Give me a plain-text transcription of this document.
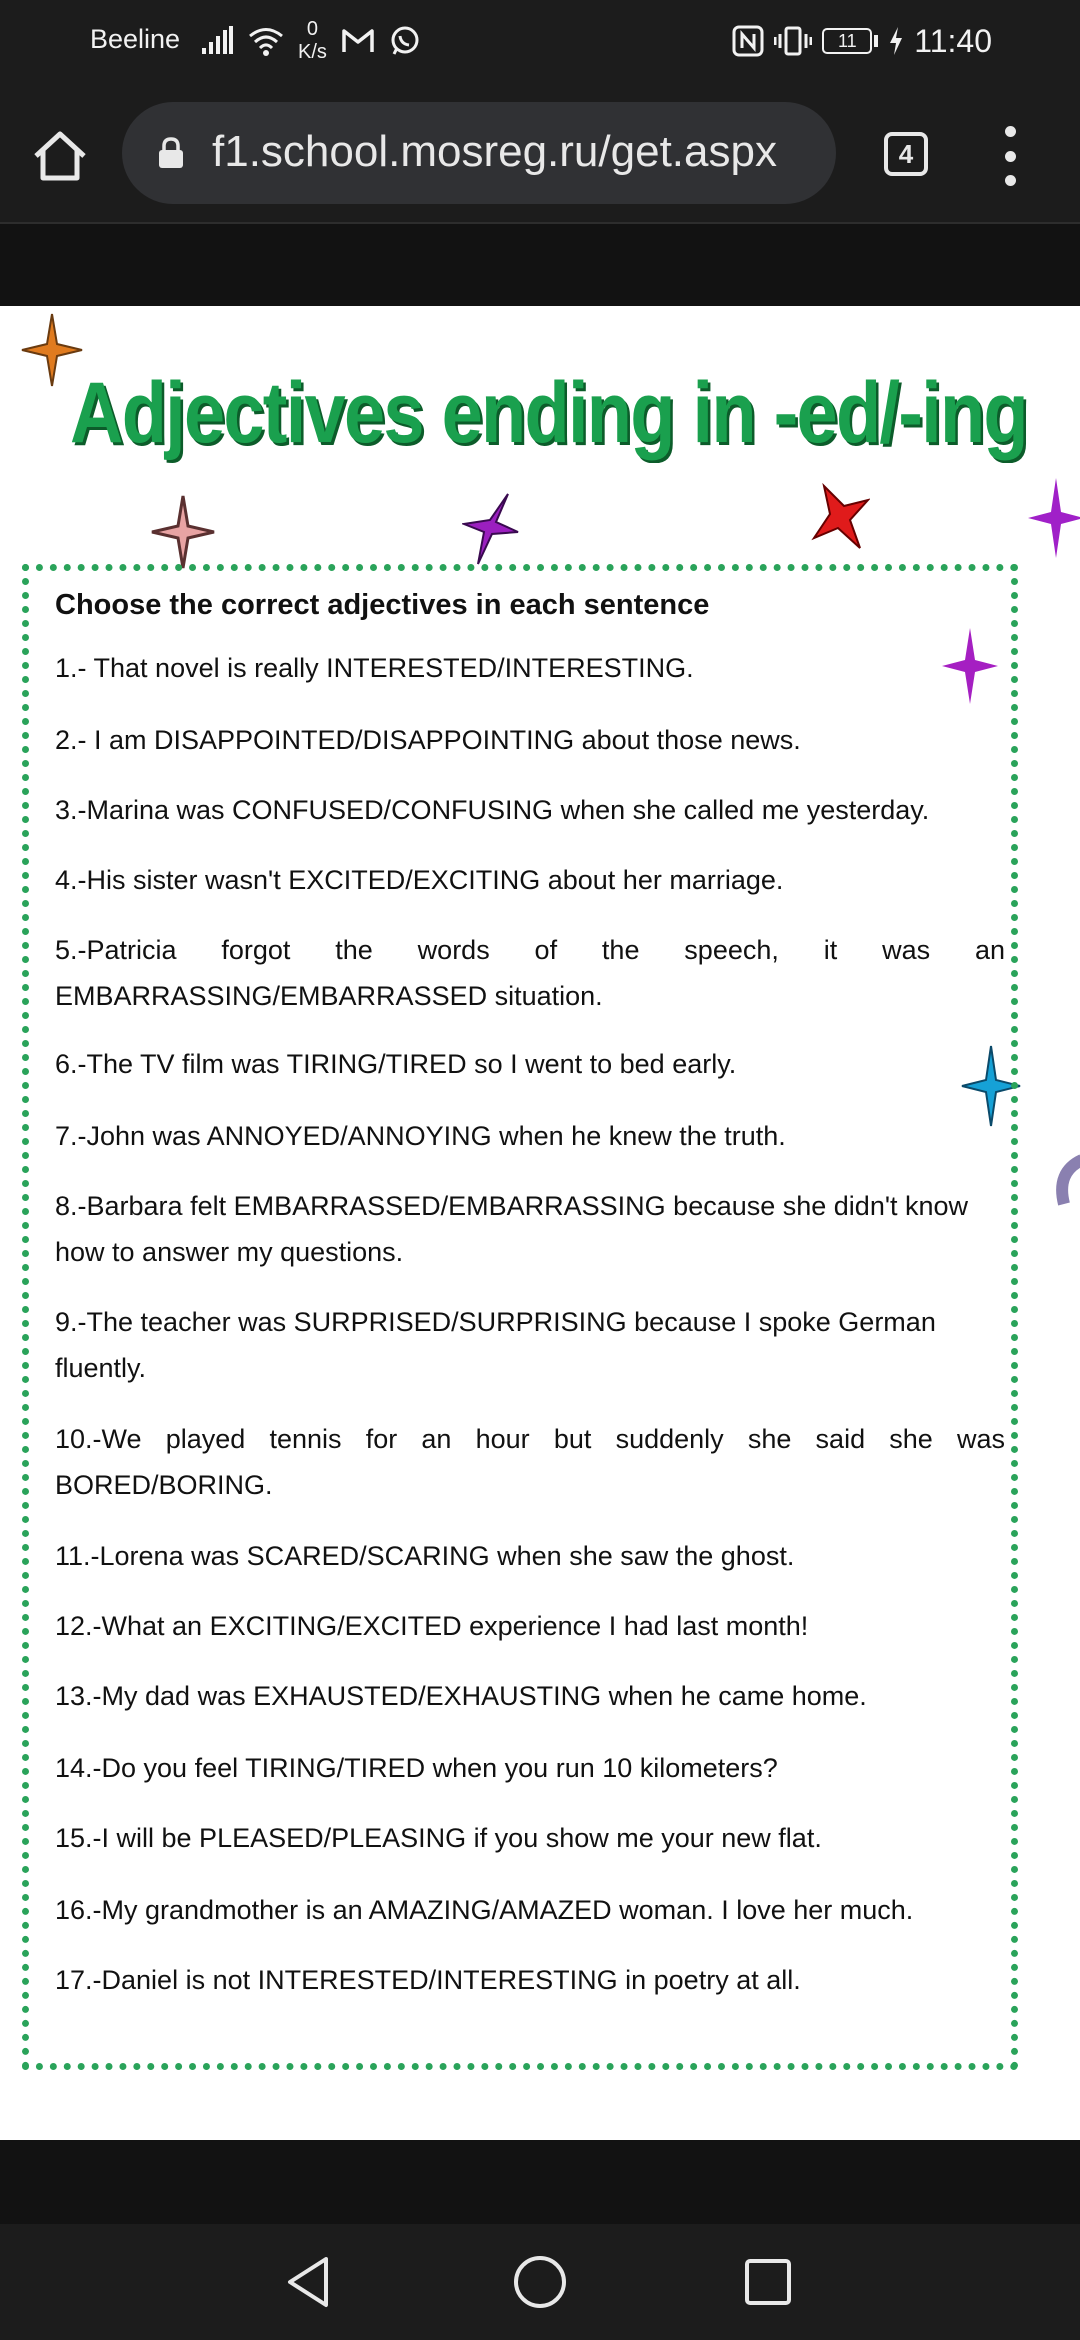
Beeline	0
K/s
11	11:40
f1.school.mosreg.ru/get.aspx	4
Adjectives ending in -ed/-ing
Choose the correct adjectives in each sentence
1.- That novel is really INTERESTED/INTERESTING.
2.- I am DISAPPOINTED/DISAPPOINTING about those news.
3.-Marina was CONFUSED/CONFUSING when she called me yesterday.
4.-His sister wasn't EXCITED/EXCITING about her marriage.
5.-Patricia forgot the words of the speech, it was an EMBARRASSING/EMBARRASSED situation.
6.-The TV film was TIRING/TIRED so I went to bed early.
7.-John was ANNOYED/ANNOYING when he knew the truth.
8.-Barbara felt EMBARRASSED/EMBARRASSING because she didn't know how to answer my questions.
9.-The teacher was SURPRISED/SURPRISING because I spoke German fluently.
10.-We played tennis for an hour but suddenly she said she was BORED/BORING.
11.-Lorena was SCARED/SCARING when she saw the ghost.
12.-What an EXCITING/EXCITED experience I had last month!
13.-My dad was EXHAUSTED/EXHAUSTING when he came home.
14.-Do you feel TIRING/TIRED when you run 10 kilometers?
15.-I will be PLEASED/PLEASING if you show me your new flat.
16.-My grandmother is an AMAZING/AMAZED woman. I love her much.
17.-Daniel is not INTERESTED/INTERESTING in poetry at all.
